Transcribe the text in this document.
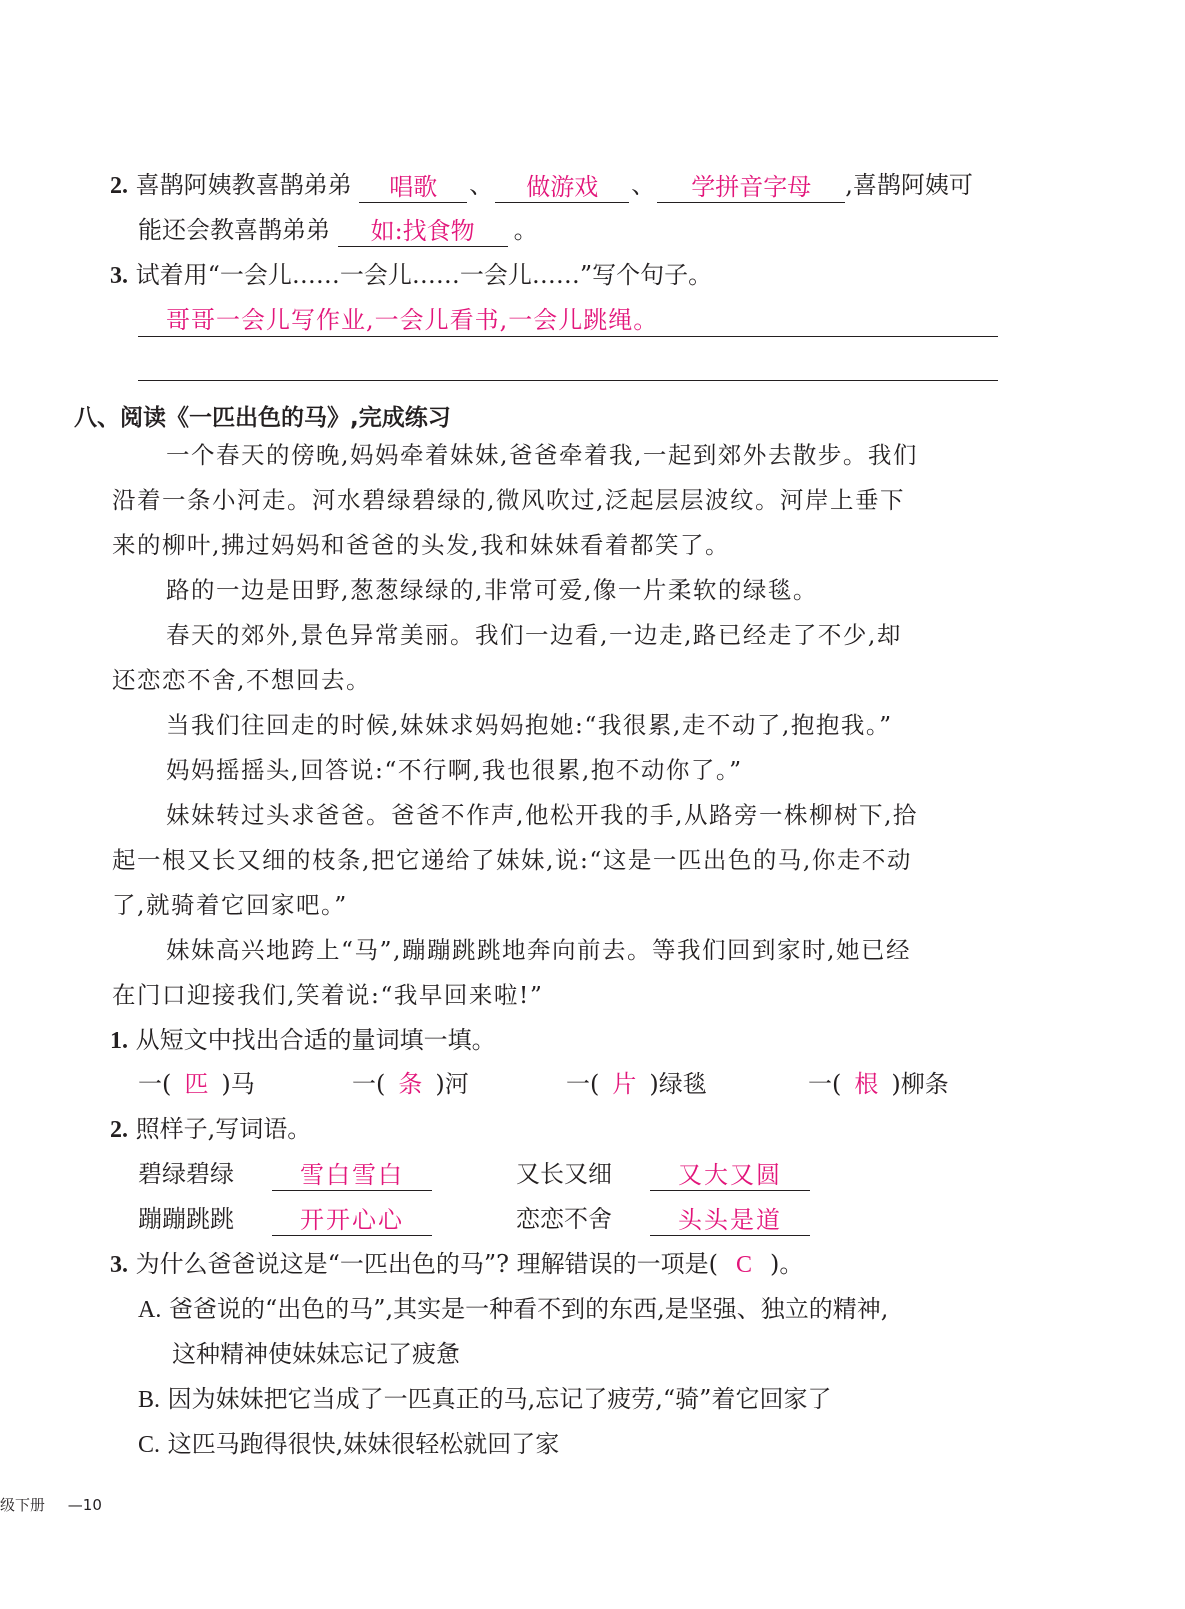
2. 喜鹊阿姨教喜鹊弟弟 唱歌 、 做游戏 、 学拼音字母 ,喜鹊阿姨可
能还会教喜鹊弟弟 如:找食物 。
3. 试着用“一会儿……一会儿……一会儿……”写个句子。
哥哥一会儿写作业,一会儿看书,一会儿跳绳。
八、阅读《一匹出色的马》,完成练习
一个春天的傍晚,妈妈牵着妹妹,爸爸牵着我,一起到郊外去散步。我们
沿着一条小河走。河水碧绿碧绿的,微风吹过,泛起层层波纹。河岸上垂下
来的柳叶,拂过妈妈和爸爸的头发,我和妹妹看着都笑了。
路的一边是田野,葱葱绿绿的,非常可爱,像一片柔软的绿毯。
春天的郊外,景色异常美丽。我们一边看,一边走,路已经走了不少,却
还恋恋不舍,不想回去。
当我们往回走的时候,妹妹求妈妈抱她:“我很累,走不动了,抱抱我。”
妈妈摇摇头,回答说:“不行啊,我也很累,抱不动你了。”
妹妹转过头求爸爸。爸爸不作声,他松开我的手,从路旁一株柳树下,拾
起一根又长又细的枝条,把它递给了妹妹,说:“这是一匹出色的马,你走不动
了,就骑着它回家吧。”
妹妹高兴地跨上“马”,蹦蹦跳跳地奔向前去。等我们回到家时,她已经
在门口迎接我们,笑着说:“我早回来啦!”
1. 从短文中找出合适的量词填一填。
一( 匹 )马	一( 条 )河	一( 片 )绿毯	一( 根 )柳条
2. 照样子,写词语。
碧绿碧绿	雪白雪白	又长又细	又大又圆
蹦蹦跳跳	开开心心	恋恋不舍	头头是道
3. 为什么爸爸说这是“一匹出色的马”? 理解错误的一项是( C )。
A. 爸爸说的“出色的马”,其实是一种看不到的东西,是坚强、独立的精神,
这种精神使妹妹忘记了疲惫
B. 因为妹妹把它当成了一匹真正的马,忘记了疲劳,“骑”着它回家了
C. 这匹马跑得很快,妹妹很轻松就回了家
级下册 —10
